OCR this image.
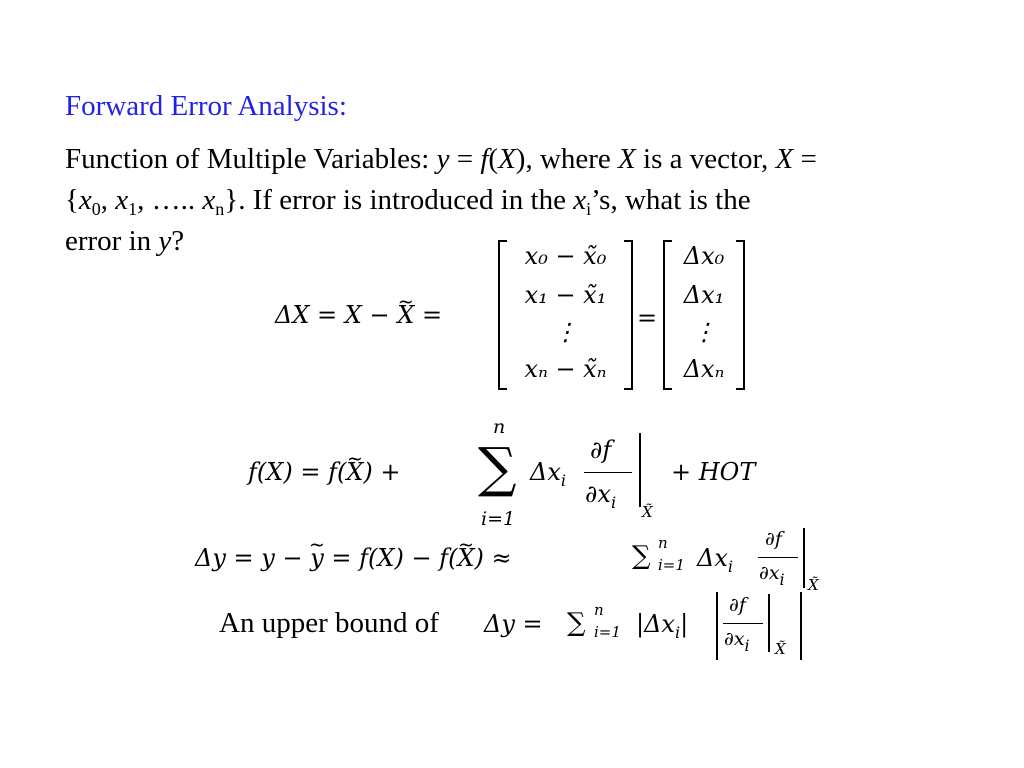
Forward Error Analysis:
Function of Multiple Variables: y = f(X), where X is a vector, X =
{$x_0$, $x_1$, ….. $x_n$}. If error is introduced in the $x_i’s$, what is the
error in y?
ΔX = X − ~ X =
x₀ − x̃₀
x₁ − x̃₁
⋮
xₙ − x̃ₙ
=
Δx₀
Δx₁
⋮
Δxₙ
f(X) = f(~ X) +
n
∑
i=1
$\Delta x_i$
∂f
$\partial x_i$ X̃
+ HOT
Δy = y − ~ y = f(X) − f(~ X) ≈	∑ n
i=1 $\Delta x_i$
∂f
$\partial x_i$ X̃
An upper bound of Δy = ∑ n
i=1 $|\Delta x_i|$
∂f
$\partial x_i$ X̃
